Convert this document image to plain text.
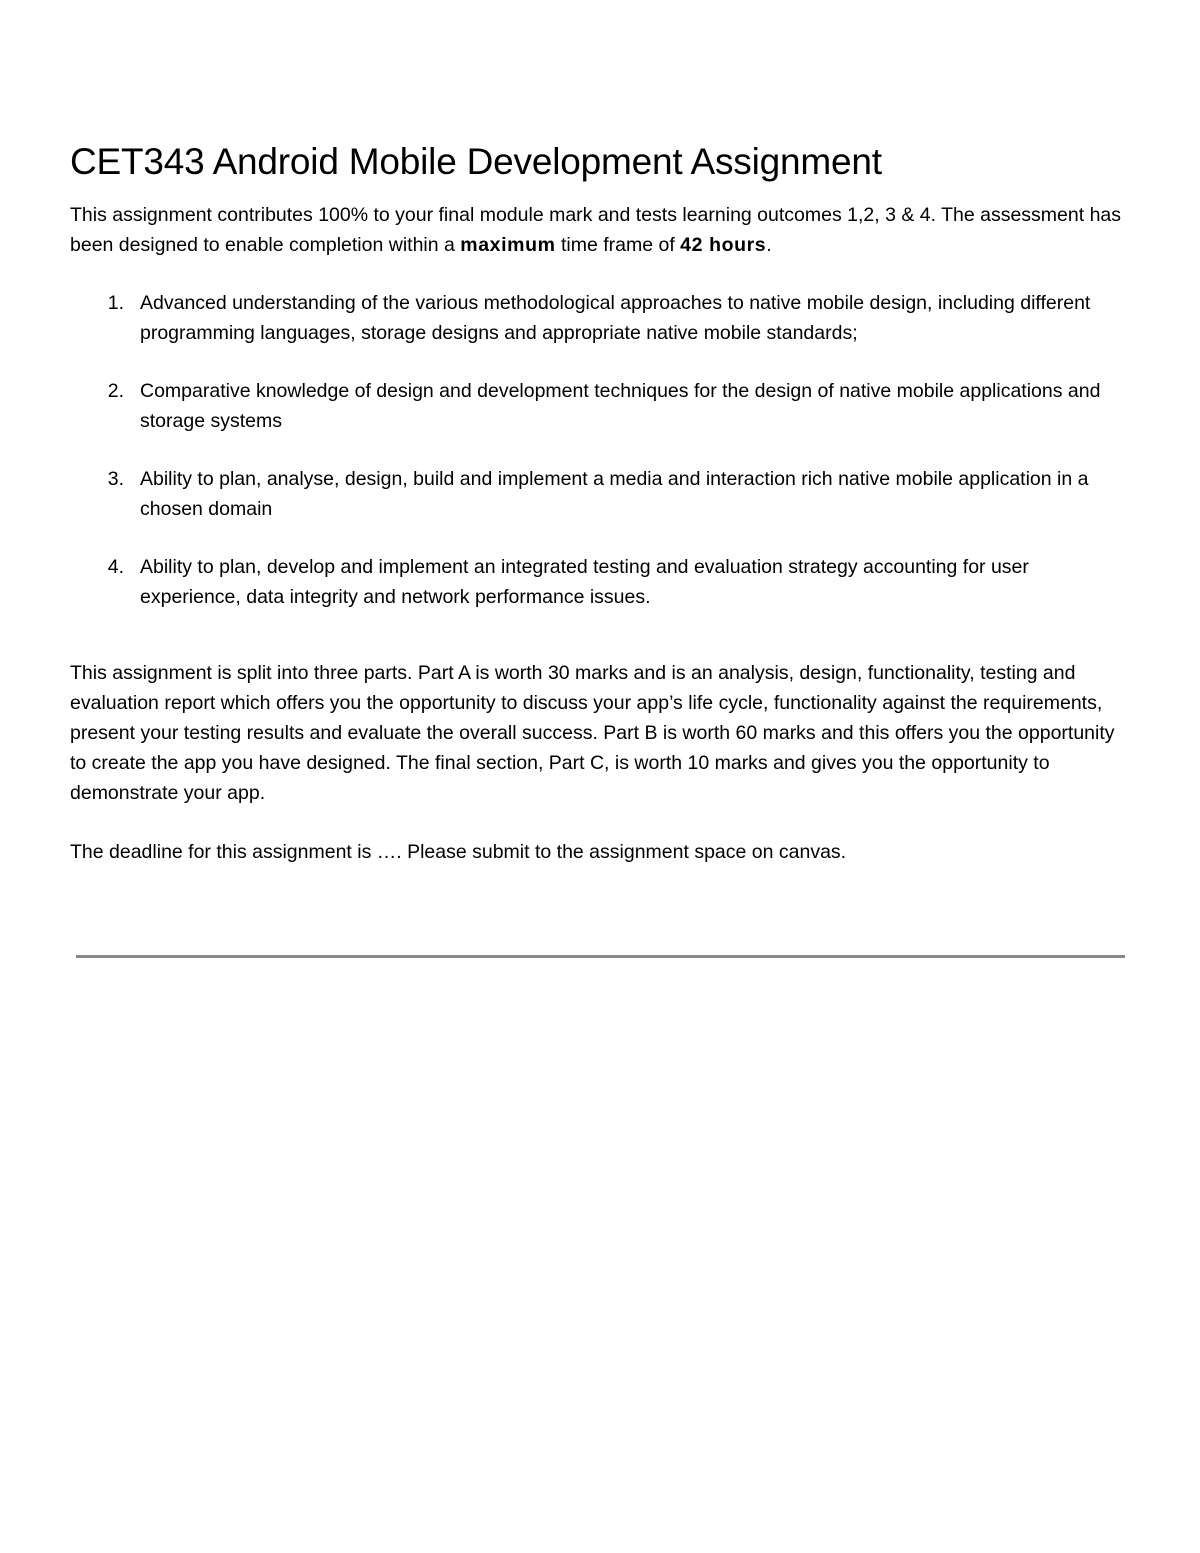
CET343 Android Mobile Development Assignment

This assignment contributes 100% to your final module mark and tests learning outcomes 1,2, 3 & 4. The assessment has been designed to enable completion within a maximum time frame of 42 hours.

1. Advanced understanding of the various methodological approaches to native mobile design, including different programming languages, storage designs and appropriate native mobile standards;
2. Comparative knowledge of design and development techniques for the design of native mobile applications and storage systems
3. Ability to plan, analyse, design, build and implement a media and interaction rich native mobile application in a chosen domain
4. Ability to plan, develop and implement an integrated testing and evaluation strategy accounting for user experience, data integrity and network performance issues.

This assignment is split into three parts. Part A is worth 30 marks and is an analysis, design, functionality, testing and evaluation report which offers you the opportunity to discuss your app’s life cycle, functionality against the requirements, present your testing results and evaluate the overall success. Part B is worth 60 marks and this offers you the opportunity to create the app you have designed. The final section, Part C, is worth 10 marks and gives you the opportunity to demonstrate your app.

The deadline for this assignment is …. Please submit to the assignment space on canvas.
